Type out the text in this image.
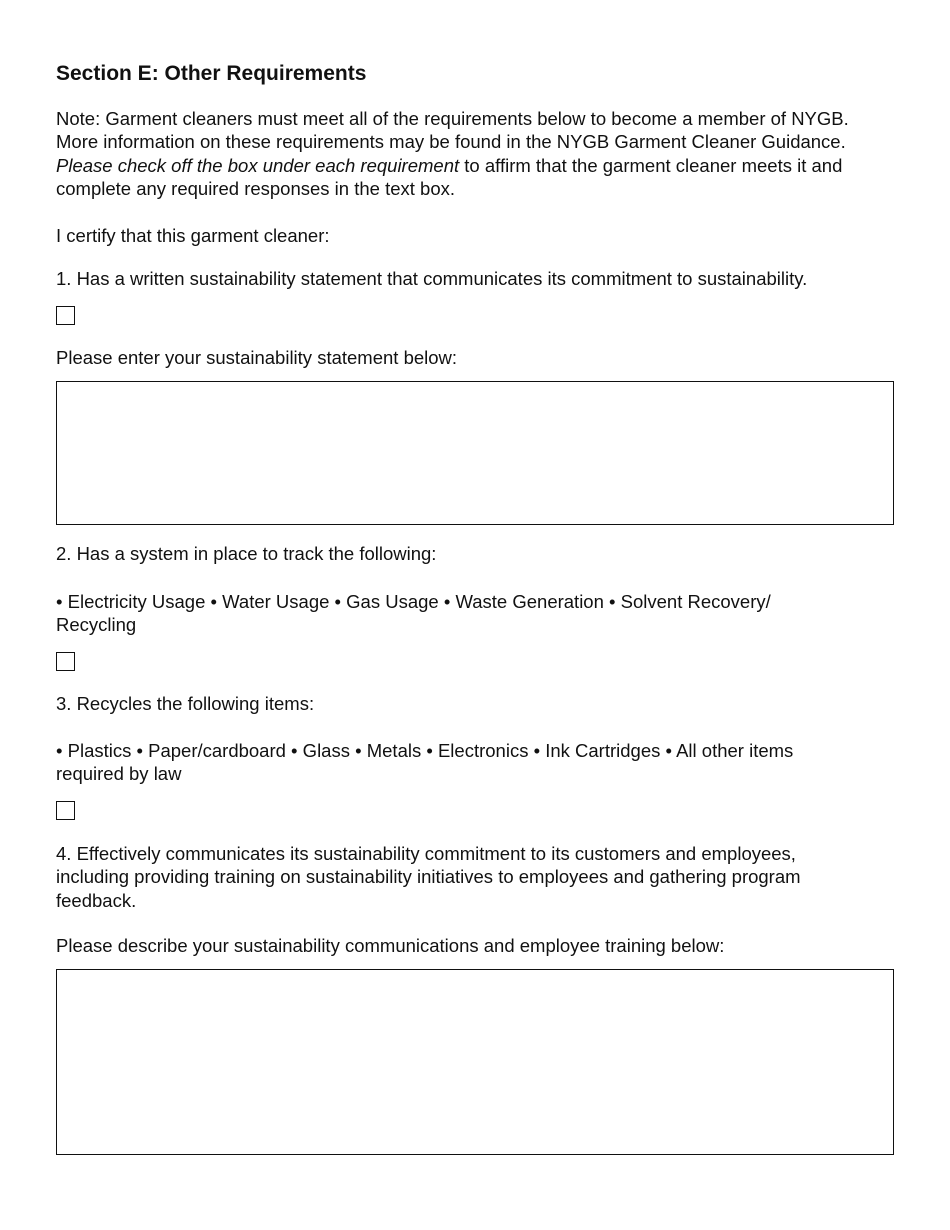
Section E: Other Requirements

Note: Garment cleaners must meet all of the requirements below to become a member of NYGB. More information on these requirements may be found in the NYGB Garment Cleaner Guidance. Please check off the box under each requirement to affirm that the garment cleaner meets it and complete any required responses in the text box.

I certify that this garment cleaner:

1. Has a written sustainability statement that communicates its commitment to sustainability.

Please enter your sustainability statement below:

2. Has a system in place to track the following:

• Electricity Usage • Water Usage • Gas Usage • Waste Generation • Solvent Recovery/ Recycling

3. Recycles the following items:

• Plastics • Paper/cardboard • Glass • Metals • Electronics • Ink Cartridges • All other items required by law

4. Effectively communicates its sustainability commitment to its customers and employees, including providing training on sustainability initiatives to employees and gathering program feedback.

Please describe your sustainability communications and employee training below:
